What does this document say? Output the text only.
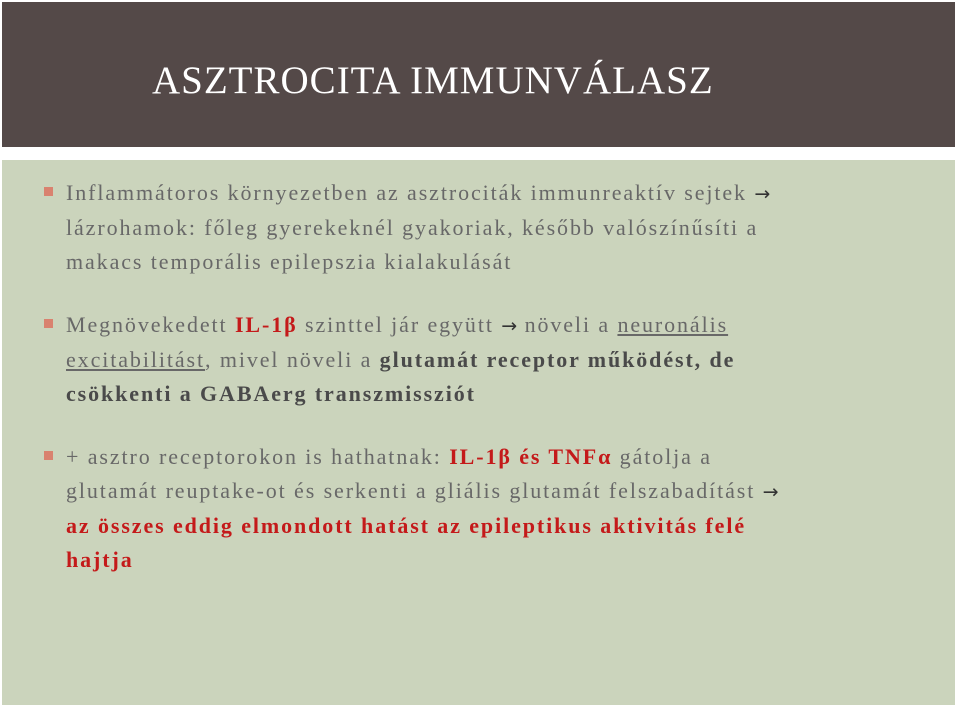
ASZTROCITA IMMUNVÁLASZ
Inflammátoros környezetben az asztrociták immunreaktív sejtek →
lázrohamok: főleg gyerekeknél gyakoriak, később valószínűsíti a
makacs temporális epilepszia kialakulását
Megnövekedett IL-1β szinttel jár együtt → növeli a neuronális
excitabilitást, mivel növeli a glutamát receptor működést, de
csökkenti a GABAerg transzmissziót
+ asztro receptorokon is hathatnak: IL-1β és TNFα gátolja a
glutamát reuptake-ot és serkenti a gliális glutamát felszabadítást →
az összes eddig elmondott hatást az epileptikus aktivitás felé
hajtja
